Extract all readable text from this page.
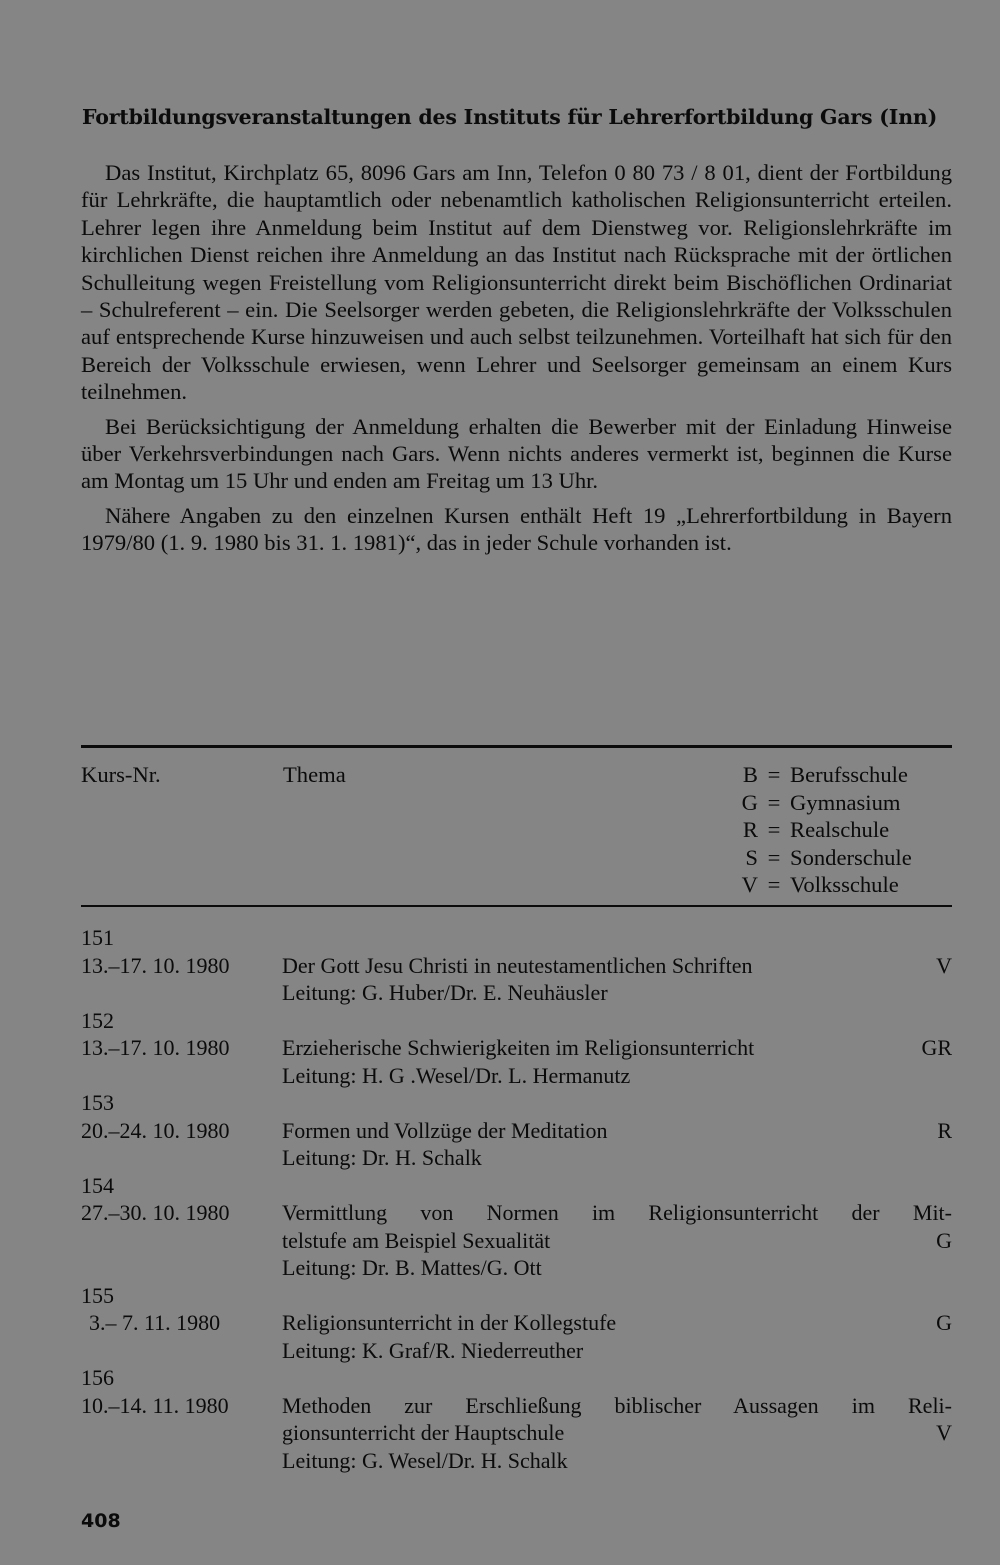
Fortbildungsveranstaltungen des Instituts für Lehrerfortbildung Gars (Inn)

Das Institut, Kirchplatz 65, 8096 Gars am Inn, Telefon 0 80 73 / 8 01, dient der Fortbildung für Lehrkräfte, die hauptamtlich oder nebenamtlich katholischen Religionsunterricht erteilen. Lehrer legen ihre Anmeldung beim Institut auf dem Dienstweg vor. Religionslehrkräfte im kirchlichen Dienst reichen ihre Anmeldung an das Institut nach Rücksprache mit der örtlichen Schulleitung wegen Freistellung vom Religionsunterricht direkt beim Bischöflichen Ordinariat – Schulreferent – ein. Die Seelsorger werden gebeten, die Religionslehrkräfte der Volksschulen auf entsprechende Kurse hinzuweisen und auch selbst teilzunehmen. Vorteilhaft hat sich für den Bereich der Volksschule erwiesen, wenn Lehrer und Seelsorger gemeinsam an einem Kurs teilnehmen.

Bei Berücksichtigung der Anmeldung erhalten die Bewerber mit der Einladung Hinweise über Verkehrsverbindungen nach Gars. Wenn nichts anderes vermerkt ist, beginnen die Kurse am Montag um 15 Uhr und enden am Freitag um 13 Uhr.

Nähere Angaben zu den einzelnen Kursen enthält Heft 19 „Lehrerfortbildung in Bayern 1979/80 (1. 9. 1980 bis 31. 1. 1981)“, das in jeder Schule vorhanden ist.

Kurs-Nr.	Thema	B = Berufsschule
G = Gymnasium
R = Realschule
S = Sonderschule
V = Volksschule
151
13.–17. 10. 1980	Der Gott Jesu Christi in neutestamentlichen Schriften	V
Leitung: G. Huber/Dr. E. Neuhäusler
152
13.–17. 10. 1980	Erzieherische Schwierigkeiten im Religionsunterricht	GR
Leitung: H. G .Wesel/Dr. L. Hermanutz
153
20.–24. 10. 1980	Formen und Vollzüge der Meditation	R
Leitung: Dr. H. Schalk
154
27.–30. 10. 1980	Vermittlung von Normen im Religionsunterricht der Mit-
telstufe am Beispiel Sexualität	G
Leitung: Dr. B. Mattes/G. Ott
155
3.– 7. 11. 1980	Religionsunterricht in der Kollegstufe	G
Leitung: K. Graf/R. Niederreuther
156
10.–14. 11. 1980	Methoden zur Erschließung biblischer Aussagen im Reli-
gionsunterricht der Hauptschule	V
Leitung: G. Wesel/Dr. H. Schalk
408
